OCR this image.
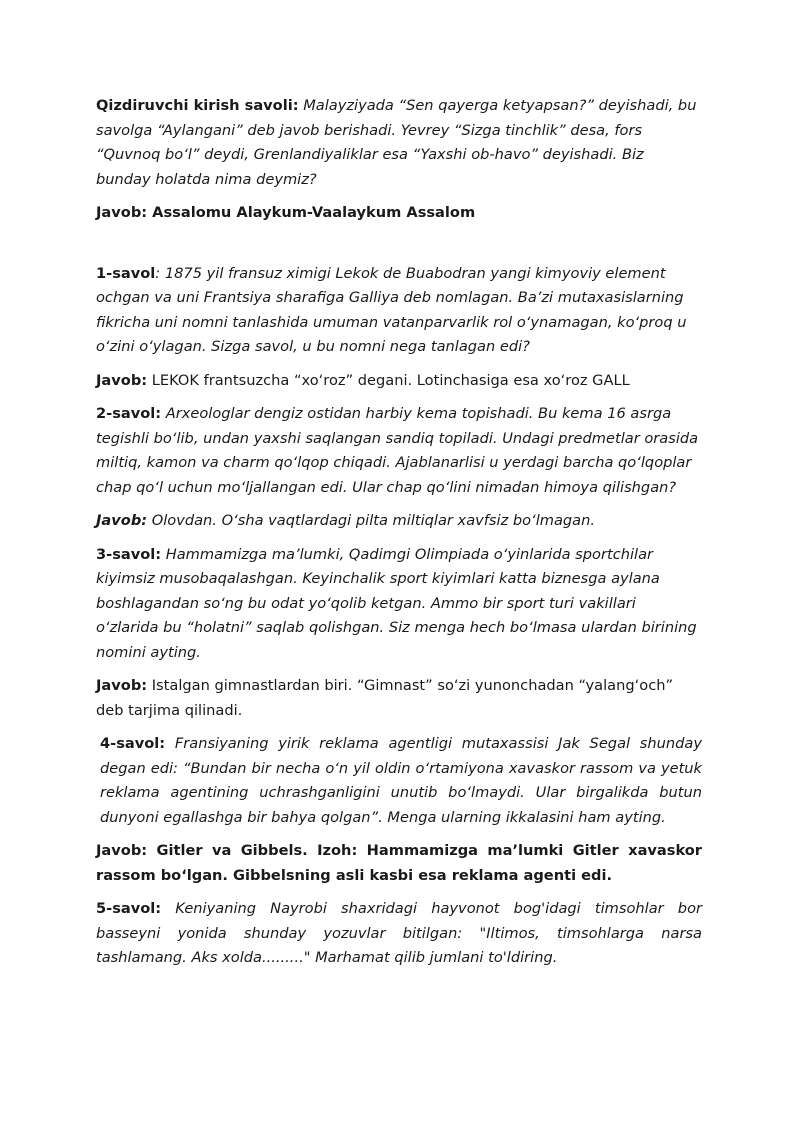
Qizdiruvchi kirish savoli: Malayziyada “Sen qayerga ketyapsan?” deyishadi, bu savolga “Aylangani” deb javob berishadi. Yevrey “Sizga tinchlik” desa, fors “Quvnoq bo‘l” deydi, Grenlandiyaliklar esa “Yaxshi ob-havo” deyishadi. Biz bunday holatda nima deymiz?

Javob: Assalomu Alaykum-Vaalaykum Assalom

1-savol: 1875 yil fransuz ximigi Lekok de Buabodran yangi kimyoviy element ochgan va uni Frantsiya sharafiga Galliya deb nomlagan. Ba’zi mutaxasislarning fikricha uni nomni tanlashida umuman vatanparvarlik rol o‘ynamagan, ko‘proq u o‘zini o‘ylagan. Sizga savol, u bu nomni nega tanlagan edi?

Javob: LEKOK frantsuzcha “xo‘roz” degani. Lotinchasiga esa xo‘roz GALL

2-savol: Arxeologlar dengiz ostidan harbiy kema topishadi. Bu kema 16 asrga tegishli bo‘lib, undan yaxshi saqlangan sandiq topiladi. Undagi predmetlar orasida miltiq, kamon va charm qo‘lqop chiqadi. Ajablanarlisi u yerdagi barcha qo‘lqoplar chap qo‘l uchun mo‘ljallangan edi. Ular chap qo‘lini nimadan himoya qilishgan?

Javob: Olovdan. O‘sha vaqtlardagi pilta miltiqlar xavfsiz bo‘lmagan.

3-savol: Hammamizga ma’lumki, Qadimgi Olimpiada o‘yinlarida sportchilar kiyimsiz musobaqalashgan. Keyinchalik sport kiyimlari katta biznesga aylana boshlagandan so‘ng bu odat yo‘qolib ketgan. Ammo bir sport turi vakillari o‘zlarida bu “holatni” saqlab qolishgan. Siz menga hech bo‘lmasa ulardan birining nomini ayting.

Javob: Istalgan gimnastlardan biri. “Gimnast” so‘zi yunonchadan “yalang‘och” deb tarjima qilinadi.

4-savol: Fransiyaning yirik reklama agentligi mutaxassisi Jak Segal shunday degan edi: “Bundan bir necha o‘n yil oldin o‘rtamiyona xavaskor rassom va yetuk reklama agentining uchrashganligini unutib bo‘lmaydi. Ular birgalikda butun dunyoni egallashga bir bahya qolgan”. Menga ularning ikkalasini ham ayting.

Javob: Gitler va Gibbels. Izoh: Hammamizga ma’lumki Gitler xavaskor rassom bo‘lgan. Gibbelsning asli kasbi esa reklama agenti edi.

5-savol: Keniyaning Nayrobi shaxridagi hayvonot bog'idagi timsohlar bor basseyni yonida shunday yozuvlar bitilgan: "Iltimos, timsohlarga narsa tashlamang. Aks xolda........." Marhamat qilib jumlani to'ldiring.
